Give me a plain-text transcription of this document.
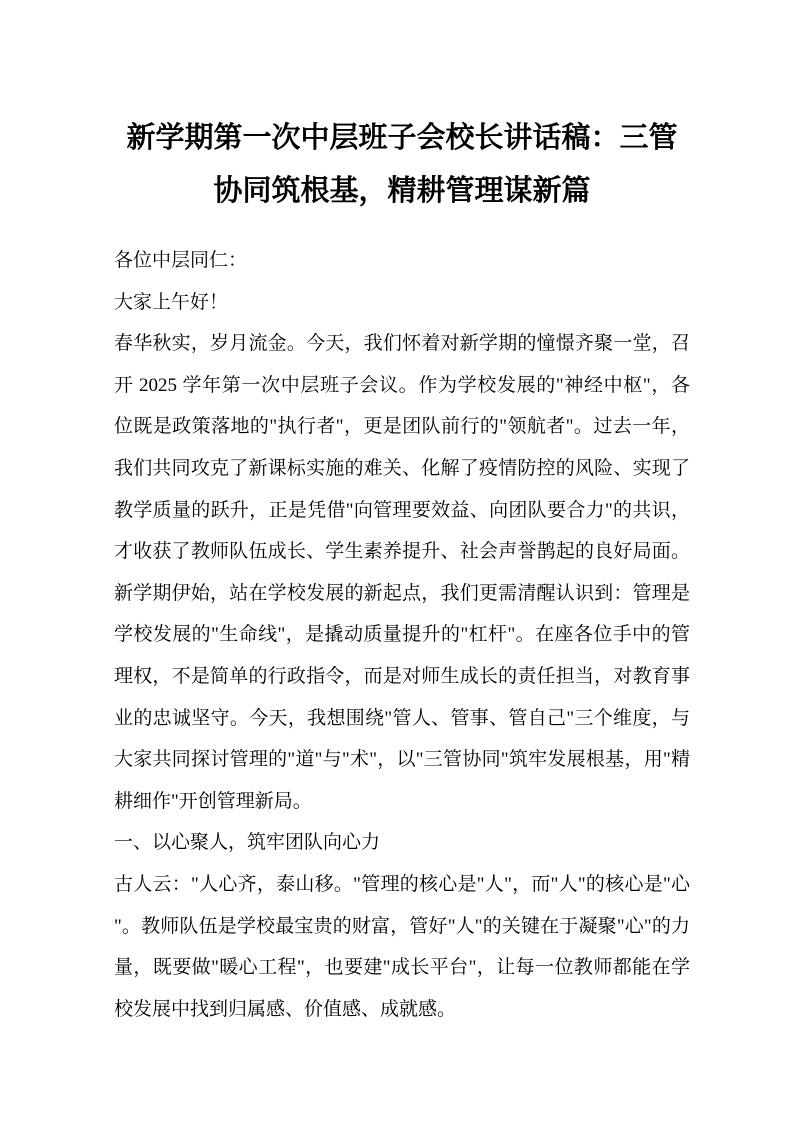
新学期第一次中层班子会校长讲话稿：三管
协同筑根基，精耕管理谋新篇
各位中层同仁：
大家上午好！
春华秋实，岁月流金。今天，我们怀着对新学期的憧憬齐聚一堂，召
开 2025 学年第一次中层班子会议。作为学校发展的"神经中枢"，各
位既是政策落地的"执行者"，更是团队前行的"领航者"。过去一年，
我们共同攻克了新课标实施的难关、化解了疫情防控的风险、实现了
教学质量的跃升，正是凭借"向管理要效益、向团队要合力"的共识，
才收获了教师队伍成长、学生素养提升、社会声誉鹊起的良好局面。
新学期伊始，站在学校发展的新起点，我们更需清醒认识到：管理是
学校发展的"生命线"，是撬动质量提升的"杠杆"。在座各位手中的管
理权，不是简单的行政指令，而是对师生成长的责任担当，对教育事
业的忠诚坚守。今天，我想围绕"管人、管事、管自己"三个维度，与
大家共同探讨管理的"道"与"术"，以"三管协同"筑牢发展根基，用"精
耕细作"开创管理新局。
一、以心聚人，筑牢团队向心力
古人云："人心齐，泰山移。"管理的核心是"人"，而"人"的核心是"心
"。教师队伍是学校最宝贵的财富，管好"人"的关键在于凝聚"心"的力
量，既要做"暖心工程"，也要建"成长平台"，让每一位教师都能在学
校发展中找到归属感、价值感、成就感。
